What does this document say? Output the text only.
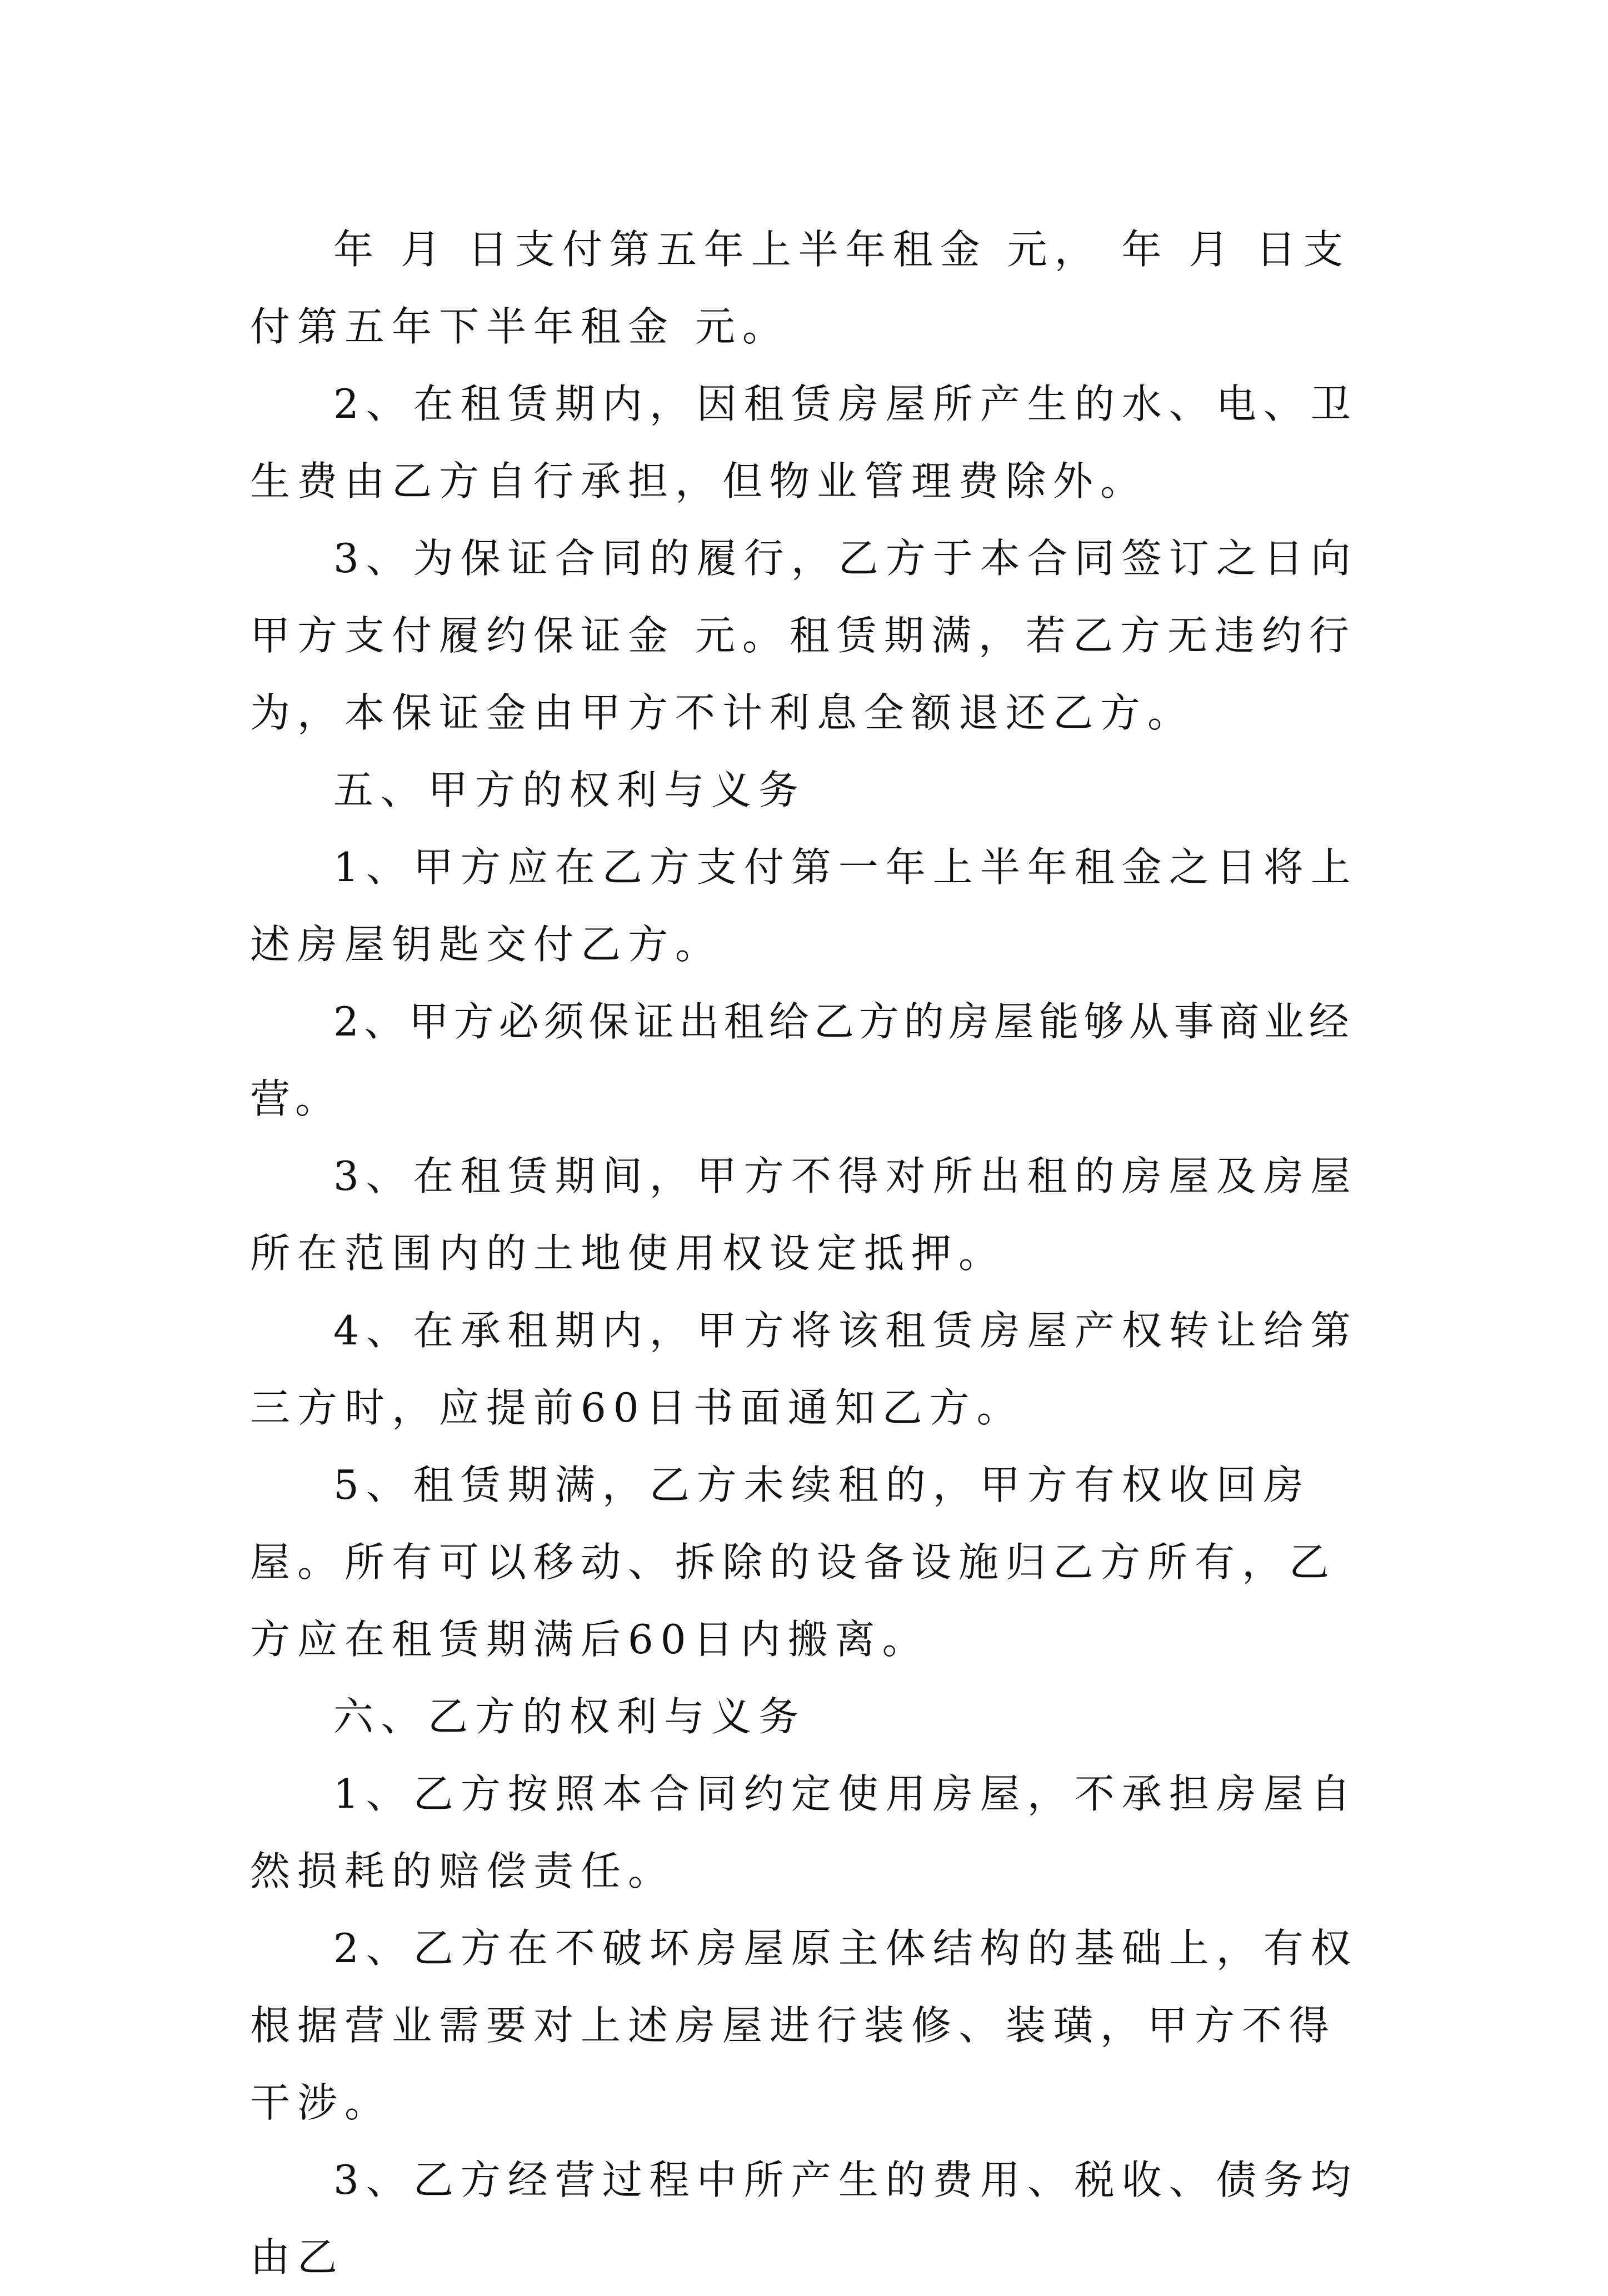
年 月 日支付第五年上半年租金 元， 年 月 日支付第五年下半年租金 元。

2、在租赁期内，因租赁房屋所产生的水、电、卫生费由乙方自行承担，但物业管理费除外。

3、为保证合同的履行，乙方于本合同签订之日向甲方支付履约保证金 元。租赁期满，若乙方无违约行为，本保证金由甲方不计利息全额退还乙方。

五、甲方的权利与义务

1、甲方应在乙方支付第一年上半年租金之日将上述房屋钥匙交付乙方。

2、甲方必须保证出租给乙方的房屋能够从事商业经营。

3、在租赁期间，甲方不得对所出租的房屋及房屋所在范围内的土地使用权设定抵押。

4、在承租期内，甲方将该租赁房屋产权转让给第三方时，应提前60日书面通知乙方。

5、租赁期满，乙方未续租的，甲方有权收回房屋。所有可以移动、拆除的设备设施归乙方所有，乙方应在租赁期满后60日内搬离。

六、乙方的权利与义务

1、乙方按照本合同约定使用房屋，不承担房屋自然损耗的赔偿责任。

2、乙方在不破坏房屋原主体结构的基础上，有权根据营业需要对上述房屋进行装修、装璜，甲方不得干涉。

3、乙方经营过程中所产生的费用、税收、债务均由乙
